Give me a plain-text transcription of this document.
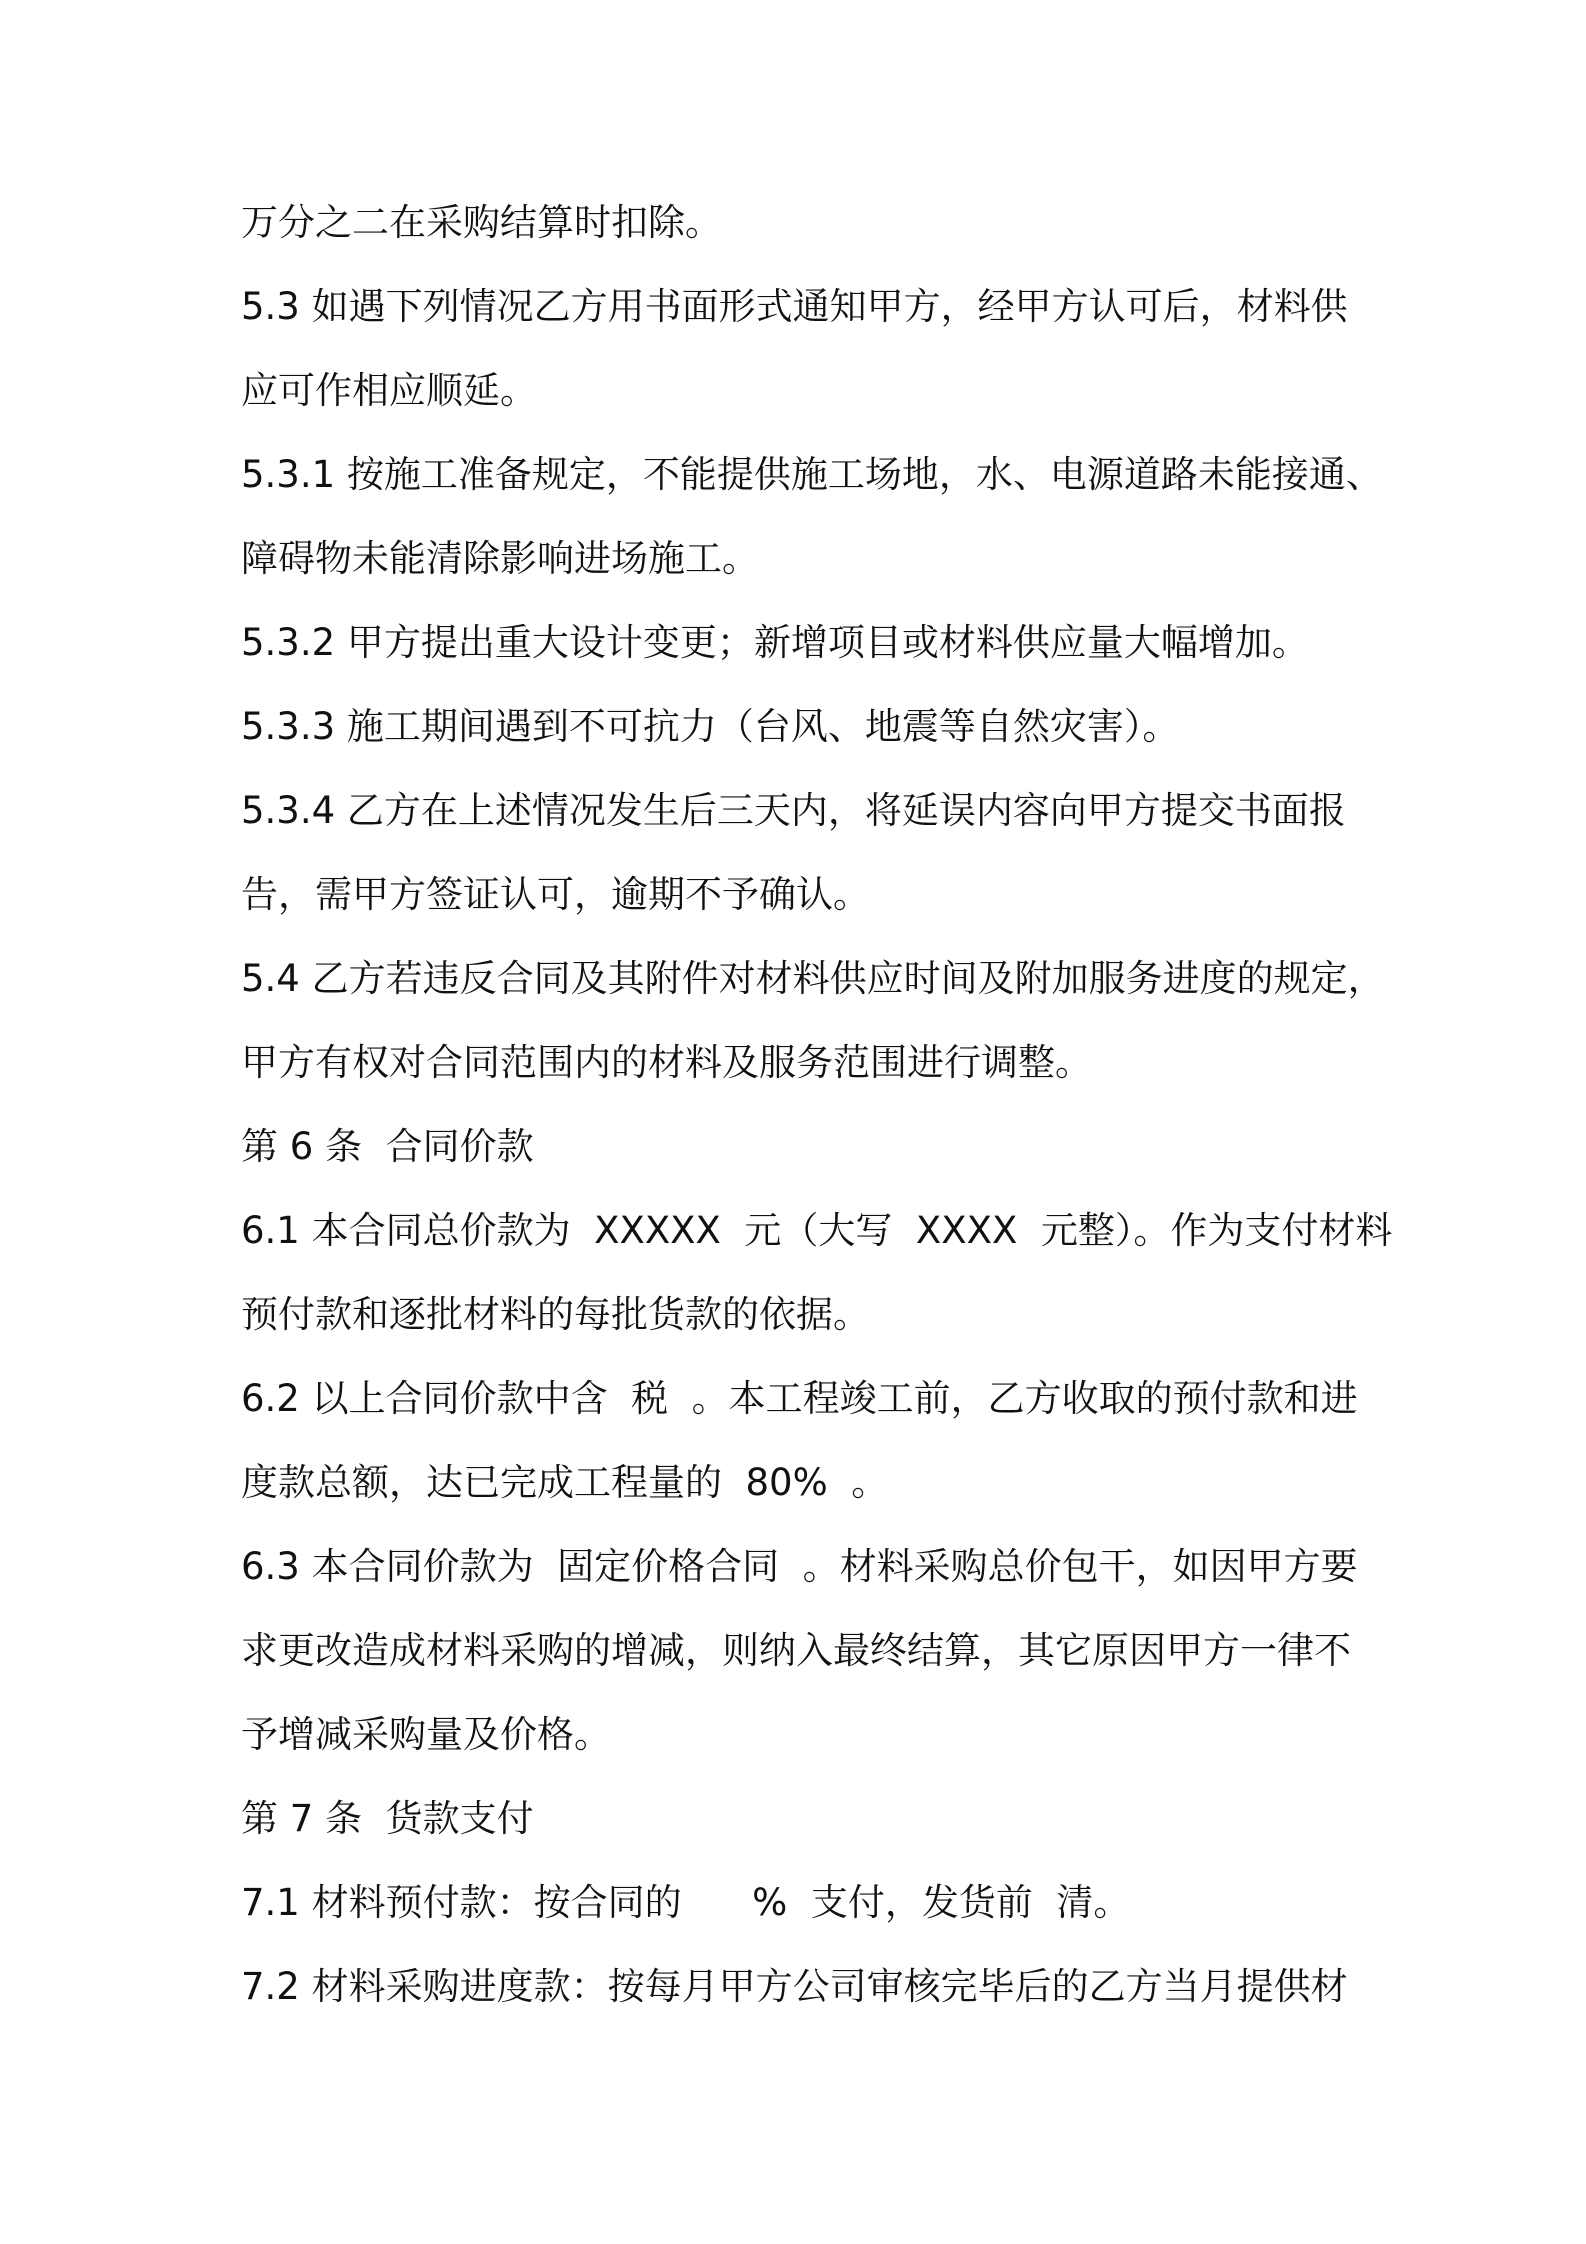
万分之二在采购结算时扣除。
5.3 如遇下列情况乙方用书面形式通知甲方，经甲方认可后，材料供
应可作相应顺延。
5.3.1 按施工准备规定，不能提供施工场地，水、电源道路未能接通、
障碍物未能清除影响进场施工。
5.3.2 甲方提出重大设计变更；新增项目或材料供应量大幅增加。
5.3.3 施工期间遇到不可抗力（台风、地震等自然灾害）。
5.3.4 乙方在上述情况发生后三天内，将延误内容向甲方提交书面报
告，需甲方签证认可，逾期不予确认。
5.4 乙方若违反合同及其附件对材料供应时间及附加服务进度的规定，
甲方有权对合同范围内的材料及服务范围进行调整。
第 6 条  合同价款
6.1 本合同总价款为  XXXXX  元（大写  XXXX  元整）。作为支付材料
预付款和逐批材料的每批货款的依据。
6.2 以上合同价款中含  税  。本工程竣工前，乙方收取的预付款和进
度款总额，达已完成工程量的  80%  。
6.3 本合同价款为  固定价格合同  。材料采购总价包干，如因甲方要
求更改造成材料采购的增减，则纳入最终结算，其它原因甲方一律不
予增减采购量及价格。
第 7 条  货款支付
7.1 材料预付款：按合同的      %  支付，发货前  清。
7.2 材料采购进度款：按每月甲方公司审核完毕后的乙方当月提供材
